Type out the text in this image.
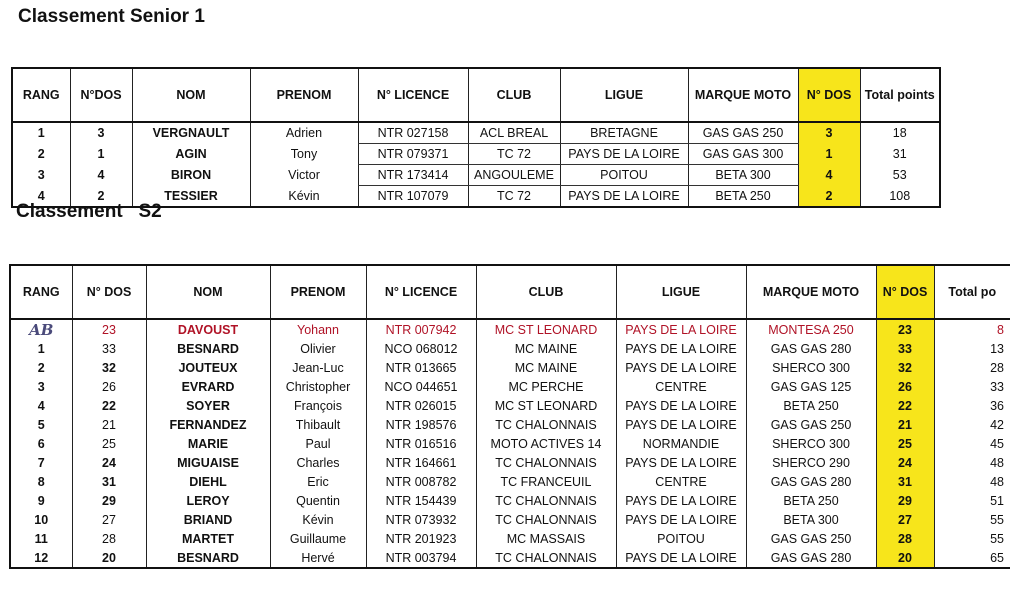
Classement Senior 1
RANG	N°DOS	NOM	PRENOM	N° LICENCE	CLUB	LIGUE	MARQUE MOTO	N° DOS	Total points
1	3	VERGNAULT	Adrien	NTR 027158	ACL BREAL	BRETAGNE	GAS GAS 250	3	18
2	1	AGIN	Tony	NTR 079371	TC 72	PAYS DE LA LOIRE	GAS GAS 300	1	31
3	4	BIRON	Victor	NTR 173414	ANGOULEME	POITOU	BETA 300	4	53
4	2	TESSIER	Kévin	NTR 107079	TC 72	PAYS DE LA LOIRE	BETA 250	2	108
Classement   S2
RANG	N° DOS	NOM	PRENOM	N° LICENCE	CLUB	LIGUE	MARQUE MOTO	N° DOS	Total po
AB	23	DAVOUST	Yohann	NTR 007942	MC ST LEONARD	PAYS DE LA LOIRE	MONTESA 250	23	8
1	33	BESNARD	Olivier	NCO 068012	MC MAINE	PAYS DE LA LOIRE	GAS GAS 280	33	13
2	32	JOUTEUX	Jean-Luc	NTR 013665	MC MAINE	PAYS DE LA LOIRE	SHERCO 300	32	28
3	26	EVRARD	Christopher	NCO 044651	MC PERCHE	CENTRE	GAS GAS 125	26	33
4	22	SOYER	François	NTR 026015	MC ST LEONARD	PAYS DE LA LOIRE	BETA 250	22	36
5	21	FERNANDEZ	Thibault	NTR 198576	TC CHALONNAIS	PAYS DE LA LOIRE	GAS GAS 250	21	42
6	25	MARIE	Paul	NTR 016516	MOTO ACTIVES 14	NORMANDIE	SHERCO 300	25	45
7	24	MIGUAISE	Charles	NTR 164661	TC CHALONNAIS	PAYS DE LA LOIRE	SHERCO 290	24	48
8	31	DIEHL	Eric	NTR 008782	TC FRANCEUIL	CENTRE	GAS GAS 280	31	48
9	29	LEROY	Quentin	NTR 154439	TC CHALONNAIS	PAYS DE LA LOIRE	BETA 250	29	51
10	27	BRIAND	Kévin	NTR 073932	TC CHALONNAIS	PAYS DE LA LOIRE	BETA 300	27	55
11	28	MARTET	Guillaume	NTR 201923	MC MASSAIS	POITOU	GAS GAS 250	28	55
12	20	BESNARD	Hervé	NTR 003794	TC CHALONNAIS	PAYS DE LA LOIRE	GAS GAS 280	20	65
